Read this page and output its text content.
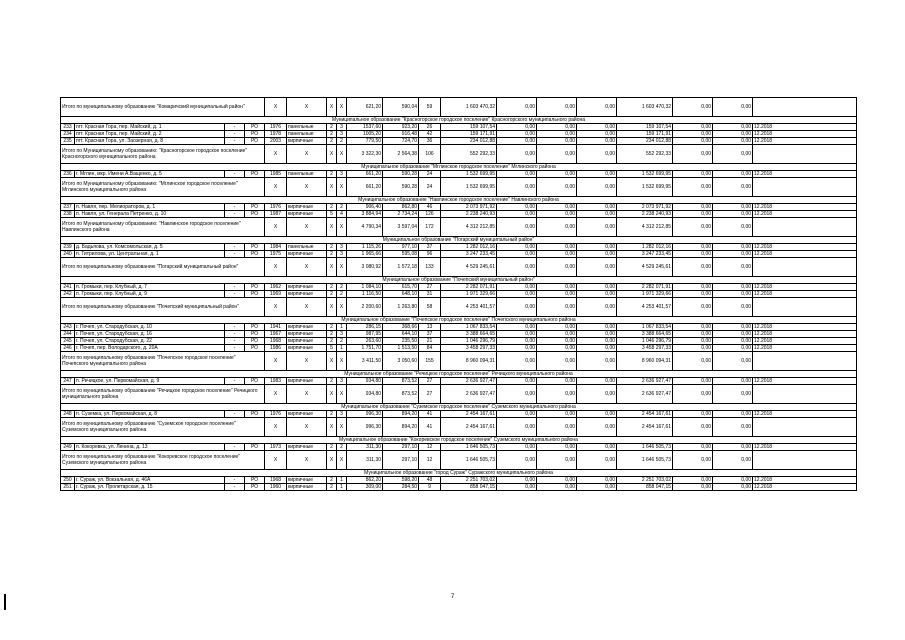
Итого по муниципальному образованию "Комаричский муниципальный район"				X	X	X	X	621,20	590,04	59	1 603 470,32	0,00	0,00	0,00	1 603 470,32	0,00	0,00	
Муниципальное образование "Красногорское городское поселение" Красногорского муниципального района																		
233	пгт. Красная Гора, пер. Майский, д. 1	-	РО	1976	панельные	2	3	1537,60	923,20	26	159 107,54	0,00	0,00	0,00	159 107,54	0,00	0,00	12.2018
234	пгт. Красная Гора, пер. Майский, д. 2	-	РО	1978	панельные	2	3	1005,20	916,48	42	159 171,91	0,00	0,00	0,00	159 171,91	0,00	0,00	12.2018
235	пгт. Красная Гора, ул. Заозерная, д. 8	-	РО	2003	кирпичные	2	2	779,50	724,70	36	234 012,88	0,00	0,00	0,00	234 012,88	0,00	0,00	12.2018
Итого по Муниципальному образованию: "Красногорское городское поселение" Красногорского муниципального района				X	X	X	X	3 322,30	2 564,38	106	552 292,33	0,00	0,00	0,00	552 292,33	0,00	0,00	
Муниципальное образование "Мглинское городское поселение" Мглинского района																		
236	г. Мглин, мкр. Имени А.Ващенко, д. 5	-	РО	1985	панельные	2	3	661,20	590,28	24	1 532 699,95	0,00	0,00	0,00	1 532 699,95	0,00	0,00	12.2018
Итого по Муниципальному образованию: "Мглинское городское поселение" Мглинского муниципального района				X	X	X	X	661,20	590,28	24	1 532 699,95	0,00	0,00	0,00	1 532 699,95	0,00	0,00	
Муниципальное образование "Навлинское городское поселение" Навлинского района																		
237	п. Навля, пер. Мелиораторов, д. 1	-	РО	1976	кирпичные	2	2	906,40	862,80	46	2 073 971,92	0,00	0,00	0,00	2 073 971,92	0,00	0,00	12.2018
238	п. Навля, ул. Генерала Петренко, д. 10	-	РО	1987	кирпичные	5	4	3 884,94	2 734,24	126	2 238 240,93	0,00	0,00	0,00	2 238 240,93	0,00	0,00	12.2018
Итого по Муниципальному образованию: "Навлинское городское поселение" Навлинского района				X	X	X	X	4 790,34	3 597,04	172	4 312 212,85	0,00	0,00	0,00	4 312 212,85	0,00	0,00	
Муниципальное образование "Погарский муниципальный район"																		
239	д. Бадьяова, ул. Комсомольская, д. 5	-	РО	1984	панельные	2	3	1 115,26	977,10	37	1 282 012,16	0,00	0,00	0,00	1 282 012,16	0,00	0,00	12.2018
240	п. Гитрилова, ул. Центральная, д. 1	-	РО	1975	кирпичные	2	3	1 965,66	595,08	96	3 247 233,45	0,00	0,00	0,00	3 247 233,45	0,00	0,00	12.2018
Итого по муниципальному образованию "Погарский муниципальный район"				X	X	X	X	3 080,92	1 572,18	133	4 529 245,61	0,00	0,00	0,00	4 529 245,61	0,00	0,00	
Муниципальное образование "Почепский муниципальный район"																		
241	п. Громыки, пер. Клубный, д. 7	-	РО	1962	кирпичные	2	2	1 084,10	615,70	27	2 282 071,91	0,00	0,00	0,00	2 282 071,91	0,00	0,00	12.2018
242	п. Громыки, пер. Клубный, д. 9	-	РО	1969	кирпичные	2	2	1 116,50	648,10	31	1 971 329,66	0,00	0,00	0,00	1 971 329,66	0,00	0,00	12.2018
Итого по муниципальному образованию "Почепский муниципальный район"				X	X	X	X	2 200,60	1 263,80	58	4 253 401,57	0,00	0,00	0,00	4 253 401,57	0,00	0,00	
Муниципальное образование "Почепское городское поселение" Почепского муниципального района																		
243	г. Почеп, ул. Стародубская, д. 10	-	РО	1941	кирпичные	2	1	286,15	368,66	13	1 067 833,54	0,00	0,00	0,00	1 067 833,54	0,00	0,00	12.2018
244	г. Почеп, ул. Стародубская, д. 16	-	РО	1967	кирпичные	2	3	987,95	644,10	37	3 388 664,65	0,00	0,00	0,00	3 388 664,65	0,00	0,00	12.2018
245	г. Почеп, ул. Стародубская, д. 22	-	РО	1968	кирпичные	2	2	263,60	235,50	21	1 046 296,79	0,00	0,00	0,00	1 046 296,79	0,00	0,00	12.2018
246	г. Почеп, пер. Володарского, д. 20А	-	РО	1986	кирпичные	5	1	1 751,70	1 513,50	84	3 458 297,33	0,00	0,00	0,00	3 458 297,33	0,00	0,00	12.2018
Итого по муниципальному образованию "Почепское городское поселение" Почепского муниципального района				X	X	X	X	3 411,50	3 050,60	155	8 960 094,31	0,00	0,00	0,00	8 960 094,31	0,00	0,00	
Муниципальное образование "Речицкое городское поселение" Речицкого муниципального района																		
247	п. Речицкое, ул. Первомайская, д. 9	-	РО	1983	кирпичные	2	3	934,80	873,52	27	2 636 927,47	0,00	0,00	0,00	2 636 927,47	0,00	0,00	12.2018
Итого по муниципальному образованию "Речицкое городское поселение" Речицкого муниципального района				X	X	X	X	934,80	873,52	27	2 636 927,47	0,00	0,00	0,00	2 636 927,47	0,00	0,00	
Муниципальное образование "Суземское городское поселение" Суземского муниципального района																		
248	п. Суземка, ул. Первомайская, д. 8	-	РО	1976	кирпичные	2	3	996,30	894,20	41	2 454 167,61	0,00	0,00	0,00	2 454 167,61	0,00	0,00	12.2018
Итого по муниципальному образованию "Суземское городское поселение" Суземского муниципального района				X	X	X	X	996,30	894,20	41	2 454 167,61	0,00	0,00	0,00	2 454 167,61	0,00	0,00	
Муниципальное образование "Кокоревское городское поселение" Суземского муниципального района																		
249	п. Кокоревка, ул. Ленина, д. 13	-	РО	1973	кирпичные	2	2	311,30	297,10	12	1 646 505,73	0,00	0,00	0,00	1 646 505,73	0,00	0,00	12.2018
Итого по муниципальному образованию "Кокоревское городское поселение" Суземского муниципального района				X	X	X	X	311,30	297,10	12	1 646 505,73	0,00	0,00	0,00	1 646 505,73	0,00	0,00	
Муниципальное образование "город Сураж" Суражского муниципального района																		
250	г. Сураж, ул. Вокзальная, д. 46А	-	РО	1968	кирпичные	2	1	862,20	598,20	48	2 251 703,02	0,00	0,00	0,00	2 251 703,02	0,00	0,00	12.2018
251	г. Сураж, ул. Пролетарская, д. 15	-	РО	1960	кирпичные	2	1	309,00	284,50	9	858 047,15	0,00	0,00	0,00	858 047,15	0,00	0,00	12.2018
7
